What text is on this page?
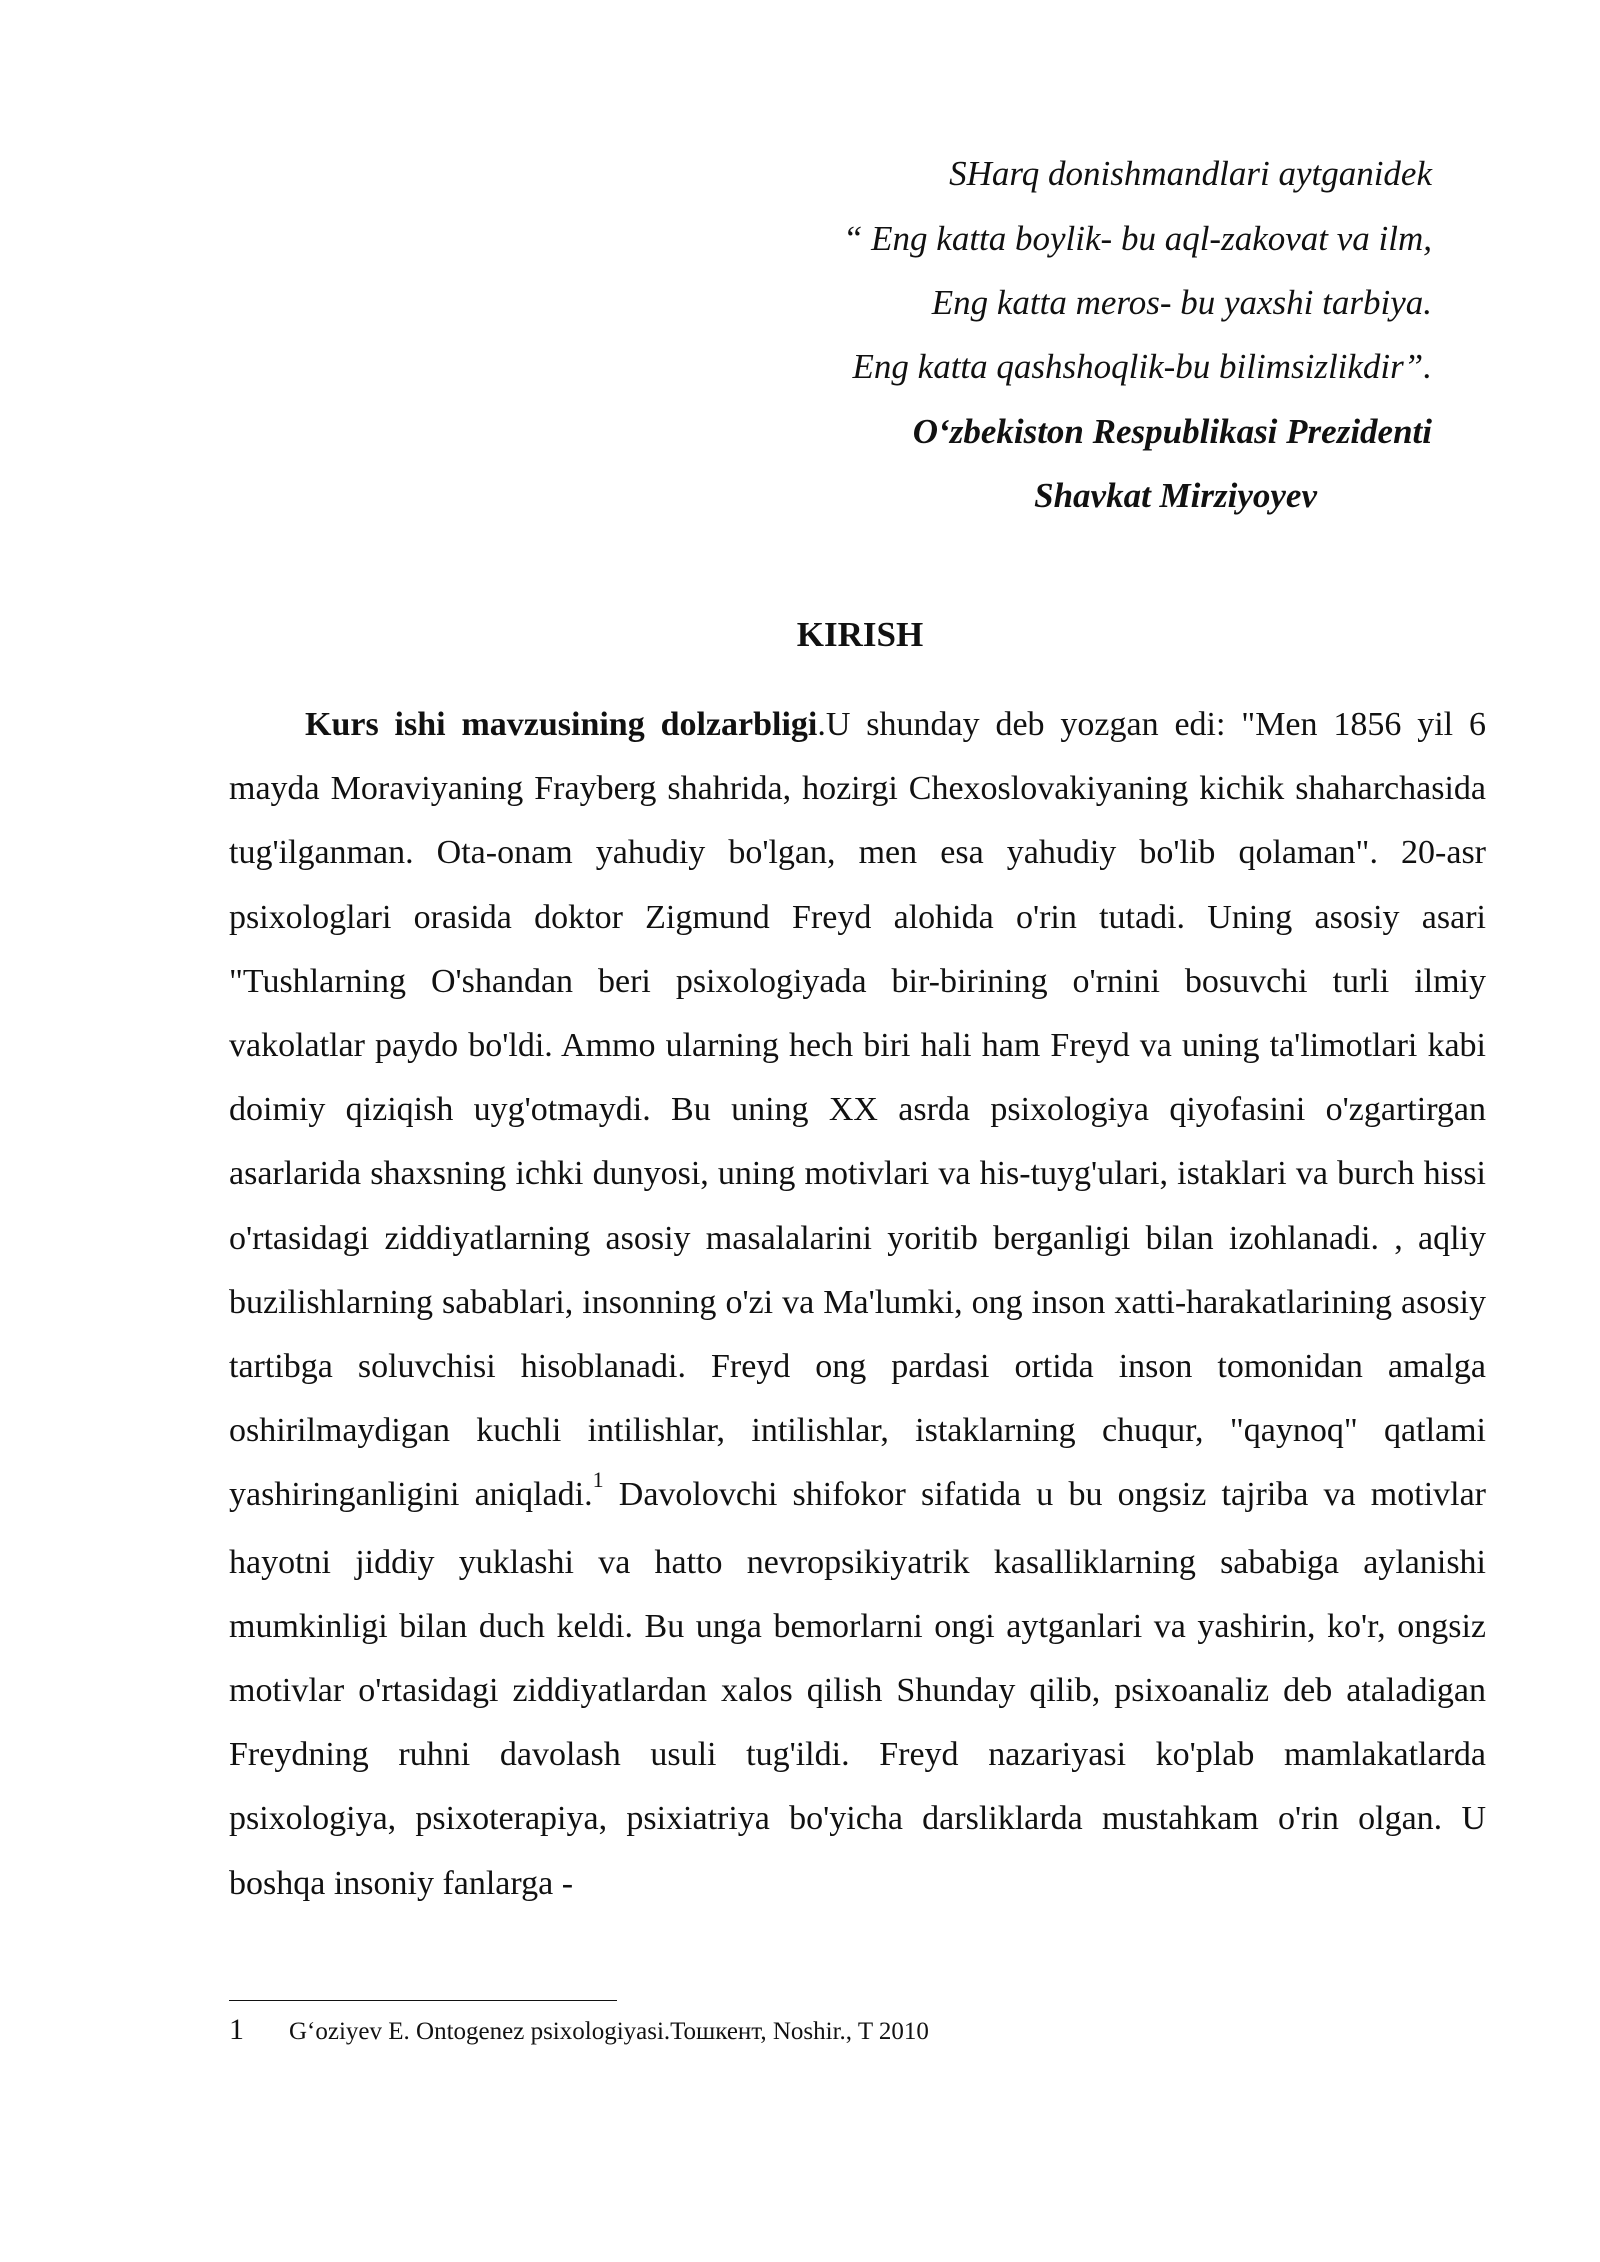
SHarq donishmandlari aytganidek
“ Eng katta boylik- bu aql-zakovat va ilm,
Eng katta meros- bu yaxshi tarbiya.
Eng katta qashshoqlik-bu bilimsizlikdir”.
O‘zbekiston Respublikasi Prezidenti
Shavkat Mirziyoyev
KIRISH

Kurs ishi mavzusining dolzarbligi.U shunday deb yozgan edi: "Men 1856 yil 6 mayda Moraviyaning Frayberg shahrida, hozirgi Chexoslovakiyaning kichik shaharchasida tug'ilganman. Ota-onam yahudiy bo'lgan, men esa yahudiy bo'lib qolaman". 20-asr psixologlari orasida doktor Zigmund Freyd alohida o'rin tutadi. Uning asosiy asari "Tushlarning O'shandan beri psixologiyada bir-birining o'rnini bosuvchi turli ilmiy vakolatlar paydo bo'ldi. Ammo ularning hech biri hali ham Freyd va uning ta'limotlari kabi doimiy qiziqish uyg'otmaydi. Bu uning XX asrda psixologiya qiyofasini o'zgartirgan asarlarida shaxsning ichki dunyosi, uning motivlari va his-tuyg'ulari, istaklari va burch hissi o'rtasidagi ziddiyatlarning asosiy masalalarini yoritib berganligi bilan izohlanadi. , aqliy buzilishlarning sabablari, insonning o'zi va Ma'lumki, ong inson xatti-harakatlarining asosiy tartibga soluvchisi hisoblanadi. Freyd ong pardasi ortida inson tomonidan amalga oshirilmaydigan kuchli intilishlar, intilishlar, istaklarning chuqur, "qaynoq" qatlami yashiringanligini aniqladi.$^1$ Davolovchi shifokor sifatida u bu ongsiz tajriba va motivlar hayotni jiddiy yuklashi va hatto nevropsikiyatrik kasalliklarning sababiga aylanishi mumkinligi bilan duch keldi. Bu unga bemorlarni ongi aytganlari va yashirin, ko'r, ongsiz motivlar o'rtasidagi ziddiyatlardan xalos qilish Shunday qilib, psixoanaliz deb ataladigan Freydning ruhni davolash usuli tug'ildi. Freyd nazariyasi ko'plab mamlakatlarda psixologiya, psixoterapiya, psixiatriya bo'yicha darsliklarda mustahkam o'rin olgan. U boshqa insoniy fanlarga -

1 G‘oziyev E. Ontogenez psixologiyasi.Тошкент, Noshir., T 2010
